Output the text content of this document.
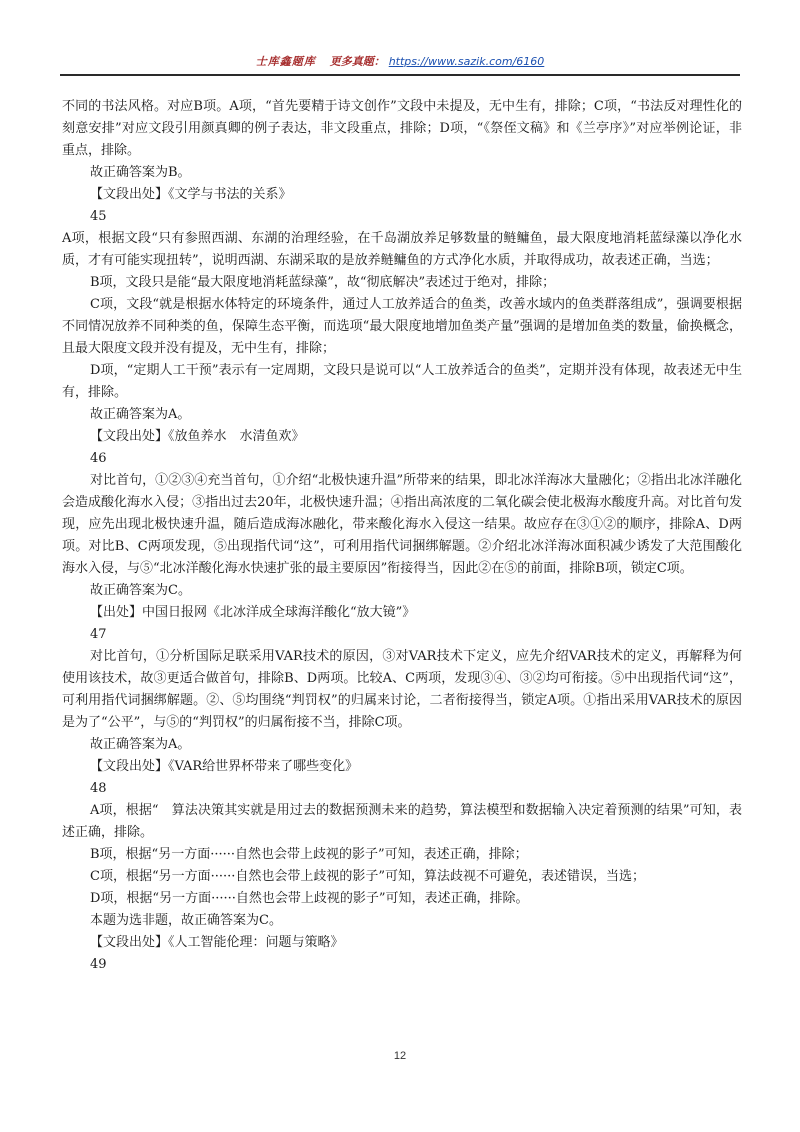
士库鑫题库 更多真题： https://www.sazik.com/6160

不同的书法风格。对应B项。A项，“首先要精于诗文创作”文段中未提及，无中生有，排除；C项，“书法反对理性化的刻意安排”对应文段引用颜真卿的例子表达，非文段重点，排除；D项，“《祭侄文稿》和《兰亭序》”对应举例论证，非重点，排除。

故正确答案为B。

【文段出处】《文学与书法的关系》

45

A项，根据文段“只有参照西湖、东湖的治理经验，在千岛湖放养足够数量的鲢鳙鱼，最大限度地消耗蓝绿藻以净化水质，才有可能实现扭转”，说明西湖、东湖采取的是放养鲢鳙鱼的方式净化水质，并取得成功，故表述正确，当选；

B项，文段只是能“最大限度地消耗蓝绿藻”，故“彻底解决”表述过于绝对，排除；

C项，文段“就是根据水体特定的环境条件，通过人工放养适合的鱼类，改善水域内的鱼类群落组成”，强调要根据不同情况放养不同种类的鱼，保障生态平衡，而选项“最大限度地增加鱼类产量”强调的是增加鱼类的数量，偷换概念，且最大限度文段并没有提及，无中生有，排除；

D项，“定期人工干预”表示有一定周期，文段只是说可以“人工放养适合的鱼类”，定期并没有体现，故表述无中生有，排除。

故正确答案为A。

【文段出处】《放鱼养水　水清鱼欢》

46

对比首句，①②③④充当首句，①介绍“北极快速升温”所带来的结果，即北冰洋海冰大量融化；②指出北冰洋融化会造成酸化海水入侵；③指出过去20年，北极快速升温；④指出高浓度的二氧化碳会使北极海水酸度升高。对比首句发现，应先出现北极快速升温，随后造成海冰融化，带来酸化海水入侵这一结果。故应存在③①②的顺序，排除A、D两项。对比B、C两项发现，⑤出现指代词“这”，可利用指代词捆绑解题。②介绍北冰洋海冰面积减少诱发了大范围酸化海水入侵，与⑤“北冰洋酸化海水快速扩张的最主要原因”衔接得当，因此②在⑤的前面，排除B项，锁定C项。

故正确答案为C。

【出处】中国日报网《北冰洋成全球海洋酸化“放大镜”》

47

对比首句，①分析国际足联采用VAR技术的原因，③对VAR技术下定义，应先介绍VAR技术的定义，再解释为何使用该技术，故③更适合做首句，排除B、D两项。比较A、C两项，发现③④、③②均可衔接。⑤中出现指代词“这”，可利用指代词捆绑解题。②、⑤均围绕“判罚权”的归属来讨论，二者衔接得当，锁定A项。①指出采用VAR技术的原因是为了“公平”，与⑤的“判罚权”的归属衔接不当，排除C项。

故正确答案为A。

【文段出处】《VAR给世界杯带来了哪些变化》

48

A项，根据“　算法决策其实就是用过去的数据预测未来的趋势，算法模型和数据输入决定着预测的结果”可知，表述正确，排除。

B项，根据“另一方面······自然也会带上歧视的影子”可知，表述正确，排除；

C项，根据“另一方面······自然也会带上歧视的影子”可知，算法歧视不可避免，表述错误，当选；

D项，根据“另一方面······自然也会带上歧视的影子”可知，表述正确，排除。

本题为选非题，故正确答案为C。

【文段出处】《人工智能伦理：问题与策略》

49

12
